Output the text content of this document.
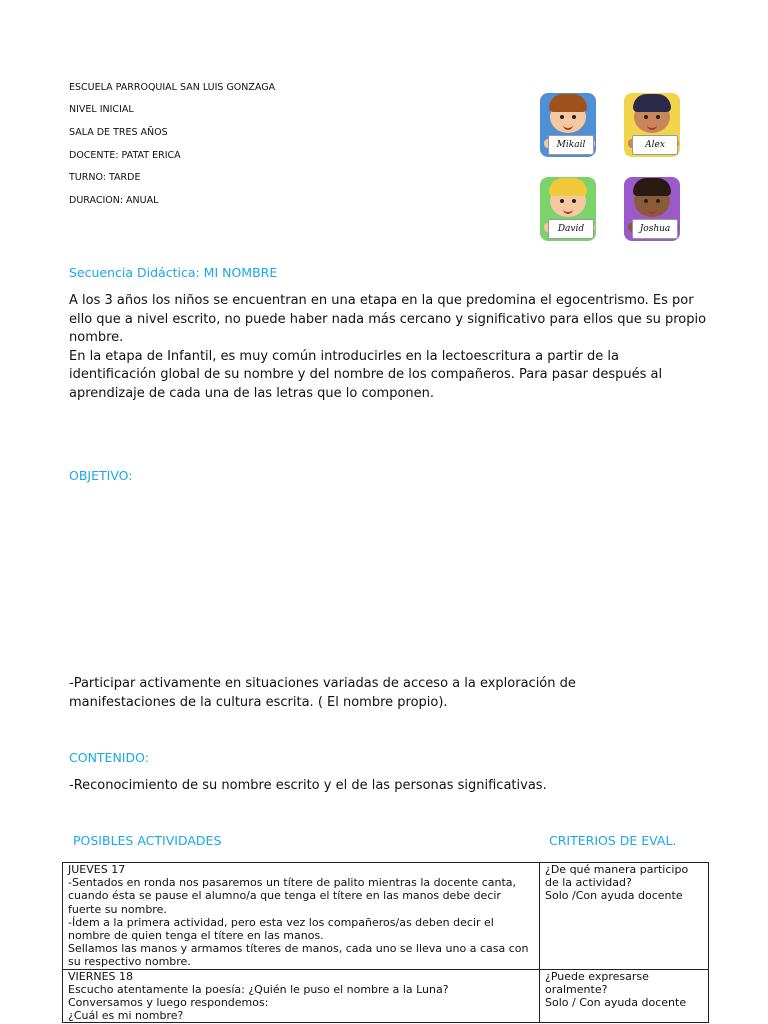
ESCUELA PARROQUIAL SAN LUIS GONZAGA
NIVEL INICIAL
SALA DE TRES AÑOS
DOCENTE: PATAT ERICA
TURNO: TARDE
DURACION: ANUAL
Mikail	Alex
David	Joshua
Secuencia Didáctica: MI NOMBRE

A los 3 años los niños se encuentran en una etapa en la que predomina el egocentrismo. Es por ello que a nivel escrito, no puede haber nada más cercano y significativo para ellos que su propio nombre.

En la etapa de Infantil, es muy común introducirles en la lectoescritura a partir de la identificación global de su nombre y del nombre de los compañeros. Para pasar después al aprendizaje de cada una de las letras que lo componen.

OBJETIVO:
-Participar activamente en situaciones variadas de acceso a la exploración de manifestaciones de la cultura escrita. ( El nombre propio).
CONTENIDO:
-Reconocimiento de su nombre escrito y el de las personas significativas.
POSIBLES ACTIVIDADES	CRITERIOS DE EVAL.
JUEVES 17
-Sentados en ronda nos pasaremos un títere de palito mientras la docente canta, cuando ésta se pause el alumno/a que tenga el títere en las manos debe decir fuerte su nombre.
-Ídem a la primera actividad, pero esta vez los compañeros/as deben decir el nombre de quien tenga el títere en las manos.
Sellamos las manos y armamos títeres de manos, cada uno se lleva uno a casa con su respectivo nombre.	¿De qué manera participo de la actividad?
Solo /Con ayuda docente

VIERNES 18
Escucho atentamente la poesía: ¿Quién le puso el nombre a la Luna?
Conversamos y luego respondemos:
¿Cuál es mi nombre?	¿Puede expresarse oralmente?
Solo / Con ayuda docente
